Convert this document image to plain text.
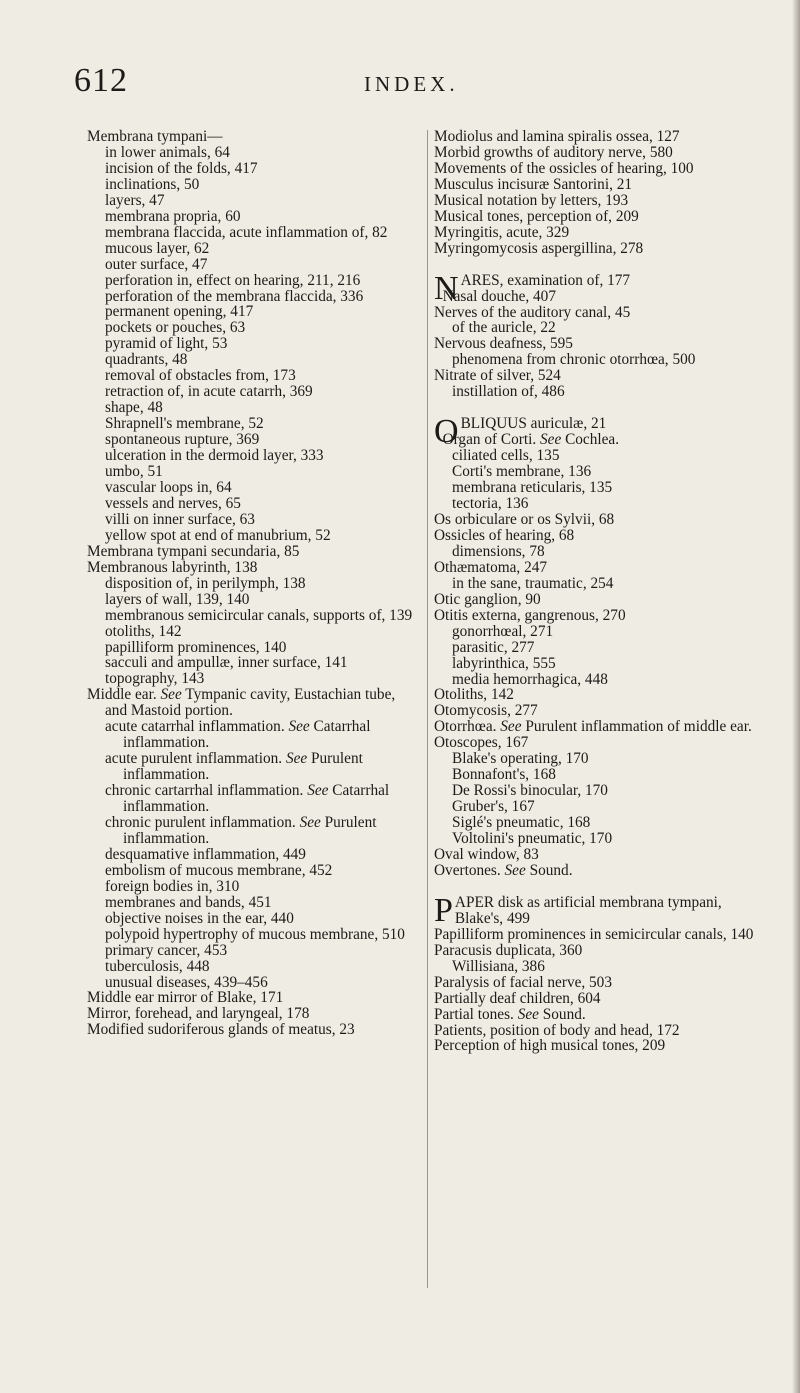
612	INDEX.
Membrana tympani—
in lower animals, 64
incision of the folds, 417
inclinations, 50
layers, 47
membrana propria, 60
membrana flaccida, acute inflammation of, 82
mucous layer, 62
outer surface, 47
perforation in, effect on hearing, 211, 216
perforation of the membrana flaccida, 336
permanent opening, 417
pockets or pouches, 63
pyramid of light, 53
quadrants, 48
removal of obstacles from, 173
retraction of, in acute catarrh, 369
shape, 48
Shrapnell's membrane, 52
spontaneous rupture, 369
ulceration in the dermoid layer, 333
umbo, 51
vascular loops in, 64
vessels and nerves, 65
villi on inner surface, 63
yellow spot at end of manubrium, 52
Membrana tympani secundaria, 85
Membranous labyrinth, 138
disposition of, in perilymph, 138
layers of wall, 139, 140
membranous semicircular canals, supports of, 139
otoliths, 142
papilliform prominences, 140
sacculi and ampullæ, inner surface, 141
topography, 143
Middle ear. See Tympanic cavity, Eustachian tube, and Mastoid portion.
acute catarrhal inflammation. See Catarrhal inflammation.
acute purulent inflammation. See Purulent inflammation.
chronic cartarrhal inflammation. See Catarrhal inflammation.
chronic purulent inflammation. See Purulent inflammation.
desquamative inflammation, 449
embolism of mucous membrane, 452
foreign bodies in, 310
membranes and bands, 451
objective noises in the ear, 440
polypoid hypertrophy of mucous membrane, 510
primary cancer, 453
tuberculosis, 448
unusual diseases, 439–456
Middle ear mirror of Blake, 171
Mirror, forehead, and laryngeal, 178
Modified sudoriferous glands of meatus, 23
Modiolus and lamina spiralis ossea, 127
Morbid growths of auditory nerve, 580
Movements of the ossicles of hearing, 100
Musculus incisuræ Santorini, 21
Musical notation by letters, 193
Musical tones, perception of, 209
Myringitis, acute, 329
Myringomycosis aspergillina, 278
NARES, examination of, 177
Nasal douche, 407
Nerves of the auditory canal, 45
of the auricle, 22
Nervous deafness, 595
phenomena from chronic otorrhœa, 500
Nitrate of silver, 524
instillation of, 486
OBLIQUUS auriculæ, 21
Organ of Corti. See Cochlea.
ciliated cells, 135
Corti's membrane, 136
membrana reticularis, 135
tectoria, 136
Os orbiculare or os Sylvii, 68
Ossicles of hearing, 68
dimensions, 78
Othæmatoma, 247
in the sane, traumatic, 254
Otic ganglion, 90
Otitis externa, gangrenous, 270
gonorrhœal, 271
parasitic, 277
labyrinthica, 555
media hemorrhagica, 448
Otoliths, 142
Otomycosis, 277
Otorrhœa. See Purulent inflammation of middle ear.
Otoscopes, 167
Blake's operating, 170
Bonnafont's, 168
De Rossi's binocular, 170
Gruber's, 167
Siglé's pneumatic, 168
Voltolini's pneumatic, 170
Oval window, 83
Overtones. See Sound.
PAPER disk as artificial membrana tympani, Blake's, 499
Papilliform prominences in semicircular canals, 140
Paracusis duplicata, 360
Willisiana, 386
Paralysis of facial nerve, 503
Partially deaf children, 604
Partial tones. See Sound.
Patients, position of body and head, 172
Perception of high musical tones, 209
